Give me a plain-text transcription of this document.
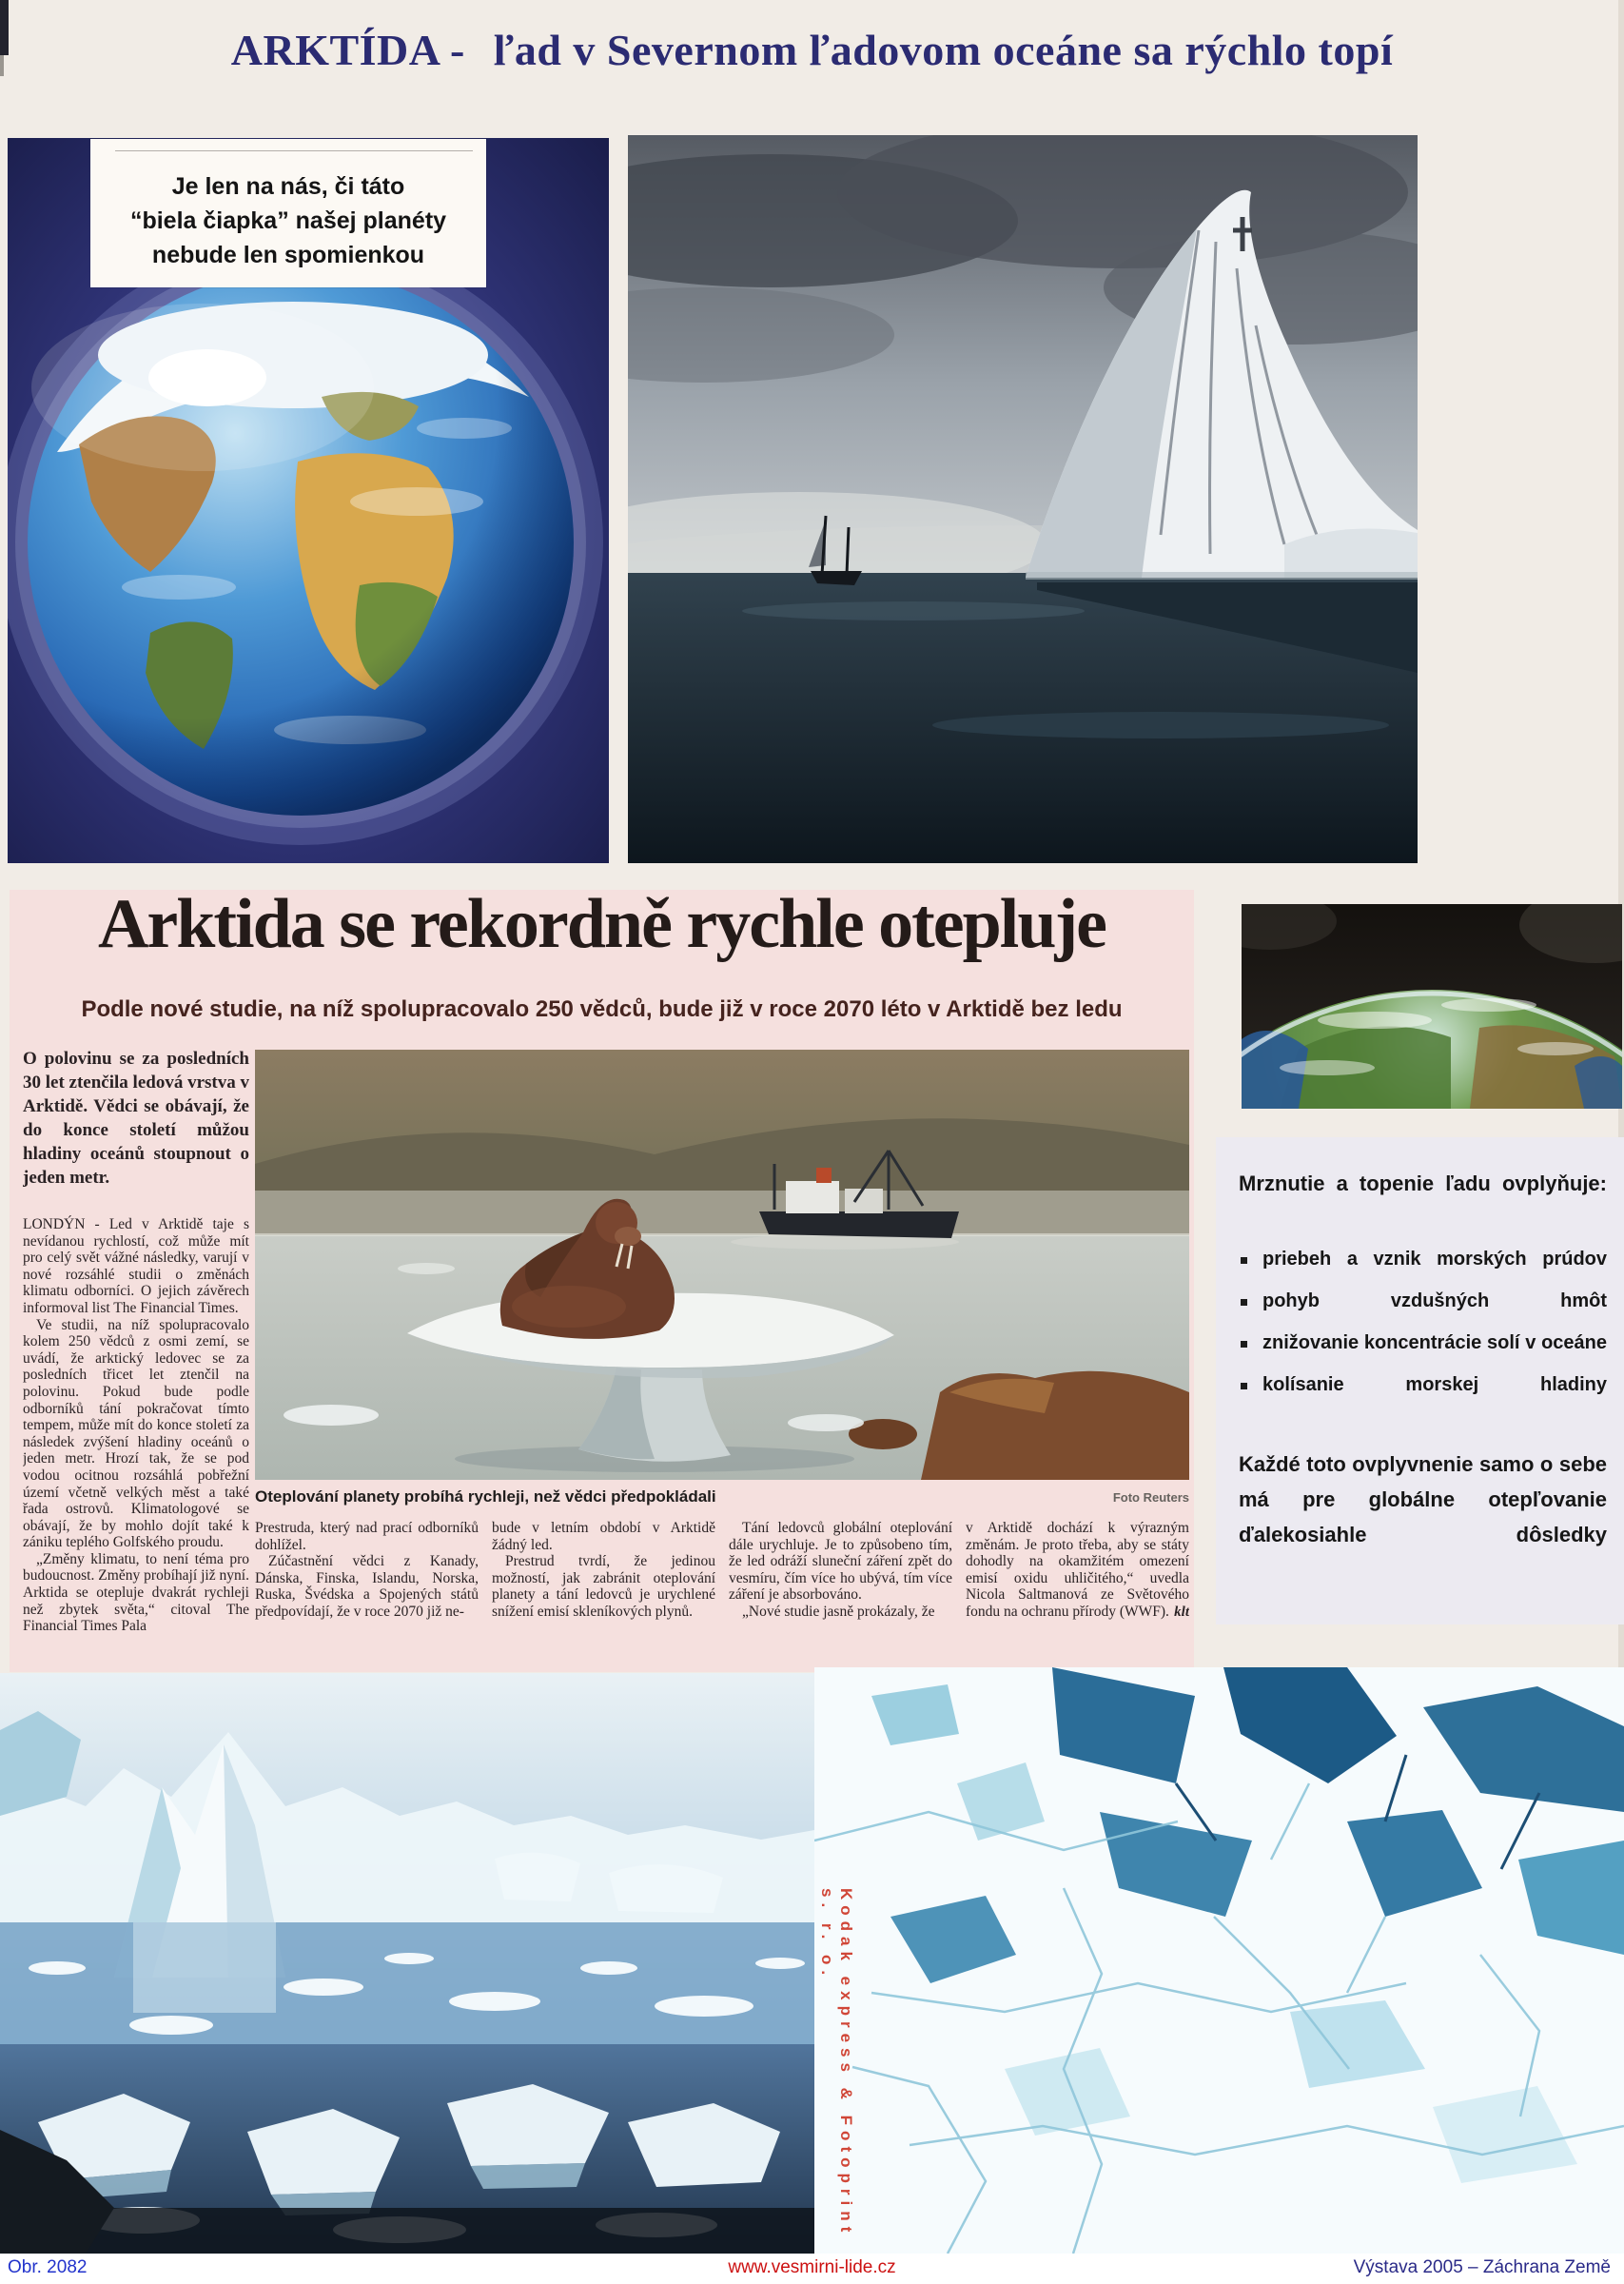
ARKTÍDA - ľad v Severnom ľadovom oceáne sa rýchlo topí
Je len na nás, či táto
“biela čiapka” našej planéty
nebude len spomienkou
Arktida se rekordně rychle otepluje
Podle nové studie, na níž spolupracovalo 250 vědců, bude již v roce 2070 léto v Arktidě bez ledu

O polovinu se za posledních 30 let ztenčila ledová vrstva v Arktidě. Vědci se obávají, že do konce století můžou hladiny oceánů stoupnout o jeden metr.

LONDÝN - Led v Arktidě taje s nevídanou rychlostí, což může mít pro celý svět vážné následky, varují v nové rozsáhlé studii o změnách klimatu odborníci. O jejich závěrech informoval list The Financial Times.

Ve studii, na níž spolupracovalo kolem 250 vědců z osmi zemí, se uvádí, že arktický ledovec se za posledních třicet let ztenčil na polovinu. Pokud bude podle odborníků tání pokračovat tímto tempem, může mít do konce století za následek zvýšení hladiny oceánů o jeden metr. Hrozí tak, že se pod vodou ocitnou rozsáhlá pobřežní území včetně velkých měst a také řada ostrovů. Klimatologové se obávají, že by mohlo dojít také k zániku teplého Golfského proudu.

„Změny klimatu, to není téma pro budoucnost. Změny probíhají již nyní. Arktida se otepluje dvakrát rychleji než zbytek světa,“ citoval The Financial Times Pala

Oteplování planety probíhá rychleji, než vědci předpokládali	Foto Reuters

Prestruda, který nad prací odborníků dohlížel.

Zúčastnění vědci z Kanady, Dánska, Finska, Islandu, Norska, Ruska, Švédska a Spojených států předpovídají, že v roce 2070 již ne-

bude v letním období v Arktidě žádný led.

Prestrud tvrdí, že jedinou možností, jak zabránit oteplování planety a tání ledovců je urychlené snížení emisí skleníkových plynů.

Tání ledovců globální oteplování dále urychluje. Je to způsobeno tím, že led odráží sluneční záření zpět do vesmíru, čím více ho ubývá, tím více záření je absorbováno.

„Nové studie jasně prokázaly, že

v Arktidě dochází k výrazným změnám. Je proto třeba, aby se státy dohodly na okamžitém omezení emisí oxidu uhličitého,“ uvedla Nicola Saltmanová ze Světového fondu na ochranu přírody (WWF). klt
Mrznutie a topenie ľadu ovplyňuje:
priebeh a vznik morských prúdov
pohyb vzdušných hmôt
znižovanie koncentrácie solí v oceáne
kolísanie morskej hladiny
Každé toto ovplyvnenie samo o sebe má pre globálne otepľovanie ďalekosiahle dôsledky
Kodak express & Fotoprint s. r. o.
Obr. 2082	www.vesmirni-lide.cz	Výstava 2005 – Záchrana Země
